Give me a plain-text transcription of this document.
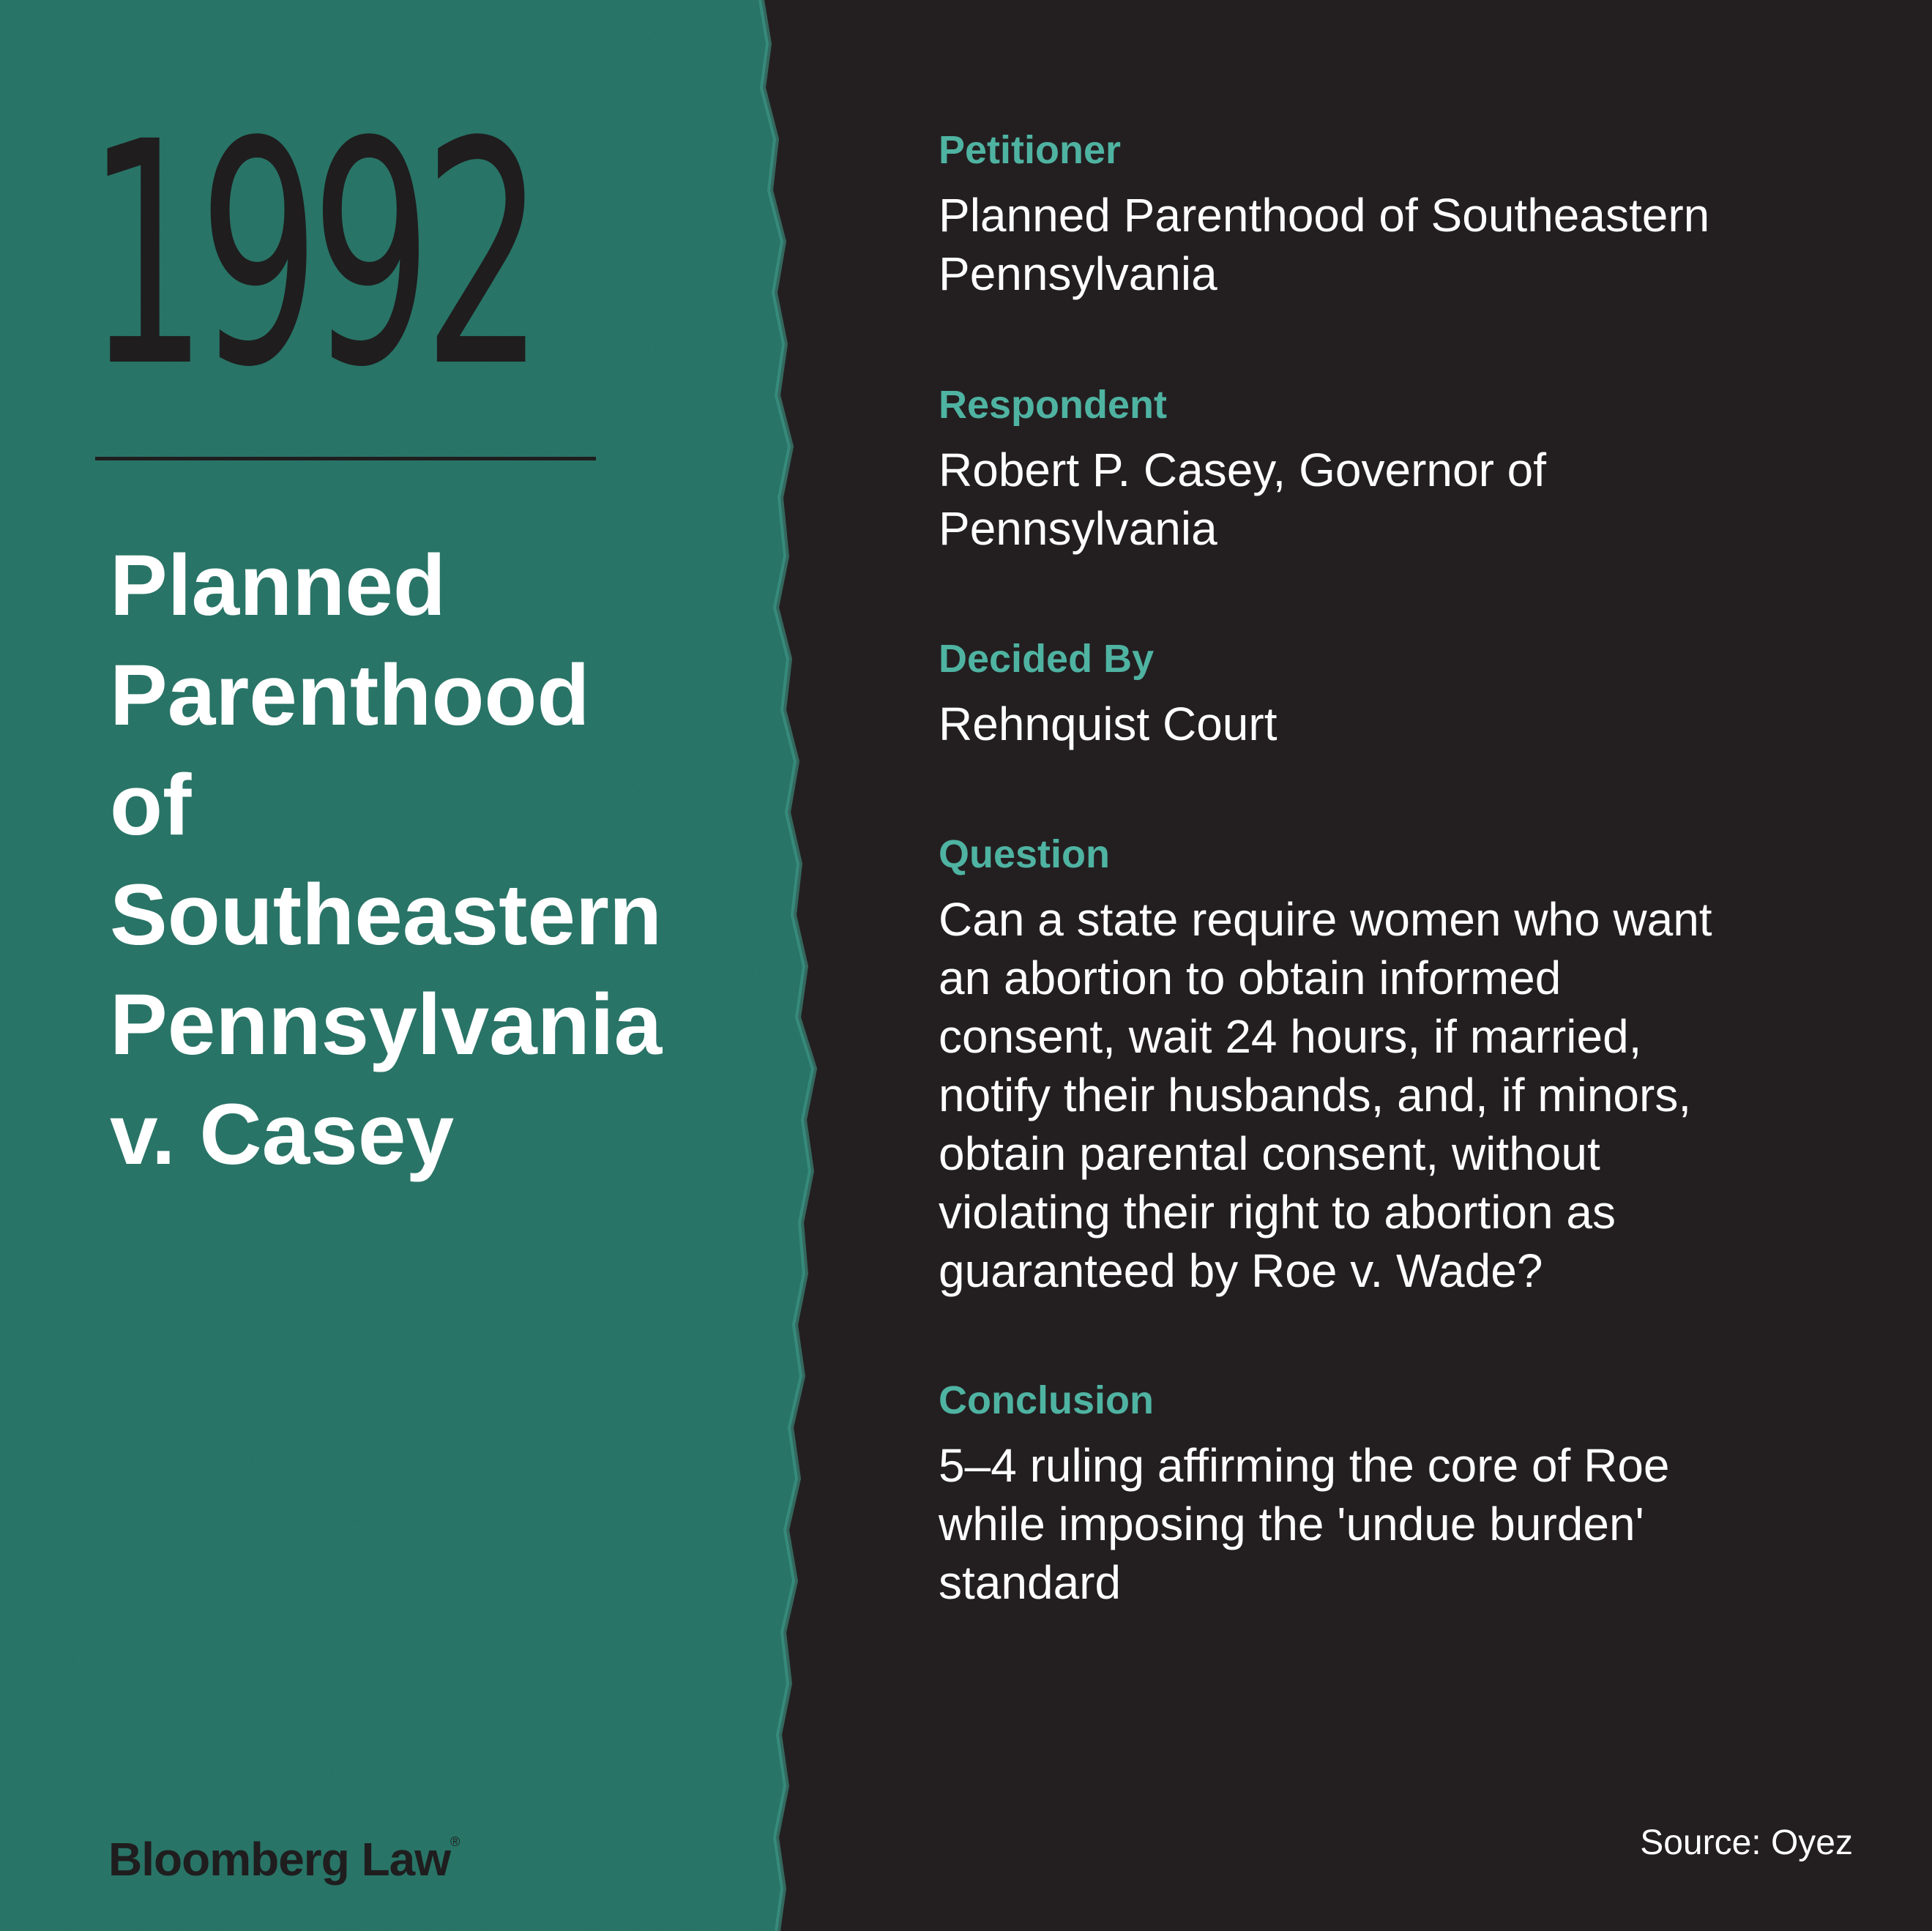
1992
Planned
Parenthood
of
Southeastern
Pennsylvania
v. Casey
Bloomberg Law®
Petitioner
Planned Parenthood of Southeastern
Pennsylvania
Respondent
Robert P. Casey, Governor of
Pennsylvania
Decided By
Rehnquist Court
Question
Can a state require women who want
an abortion to obtain informed
consent, wait 24 hours, if married,
notify their husbands, and, if minors,
obtain parental consent, without
violating their right to abortion as
guaranteed by Roe v. Wade?
Conclusion
5–4 ruling affirming the core of Roe
while imposing the 'undue burden'
standard
Source: Oyez
